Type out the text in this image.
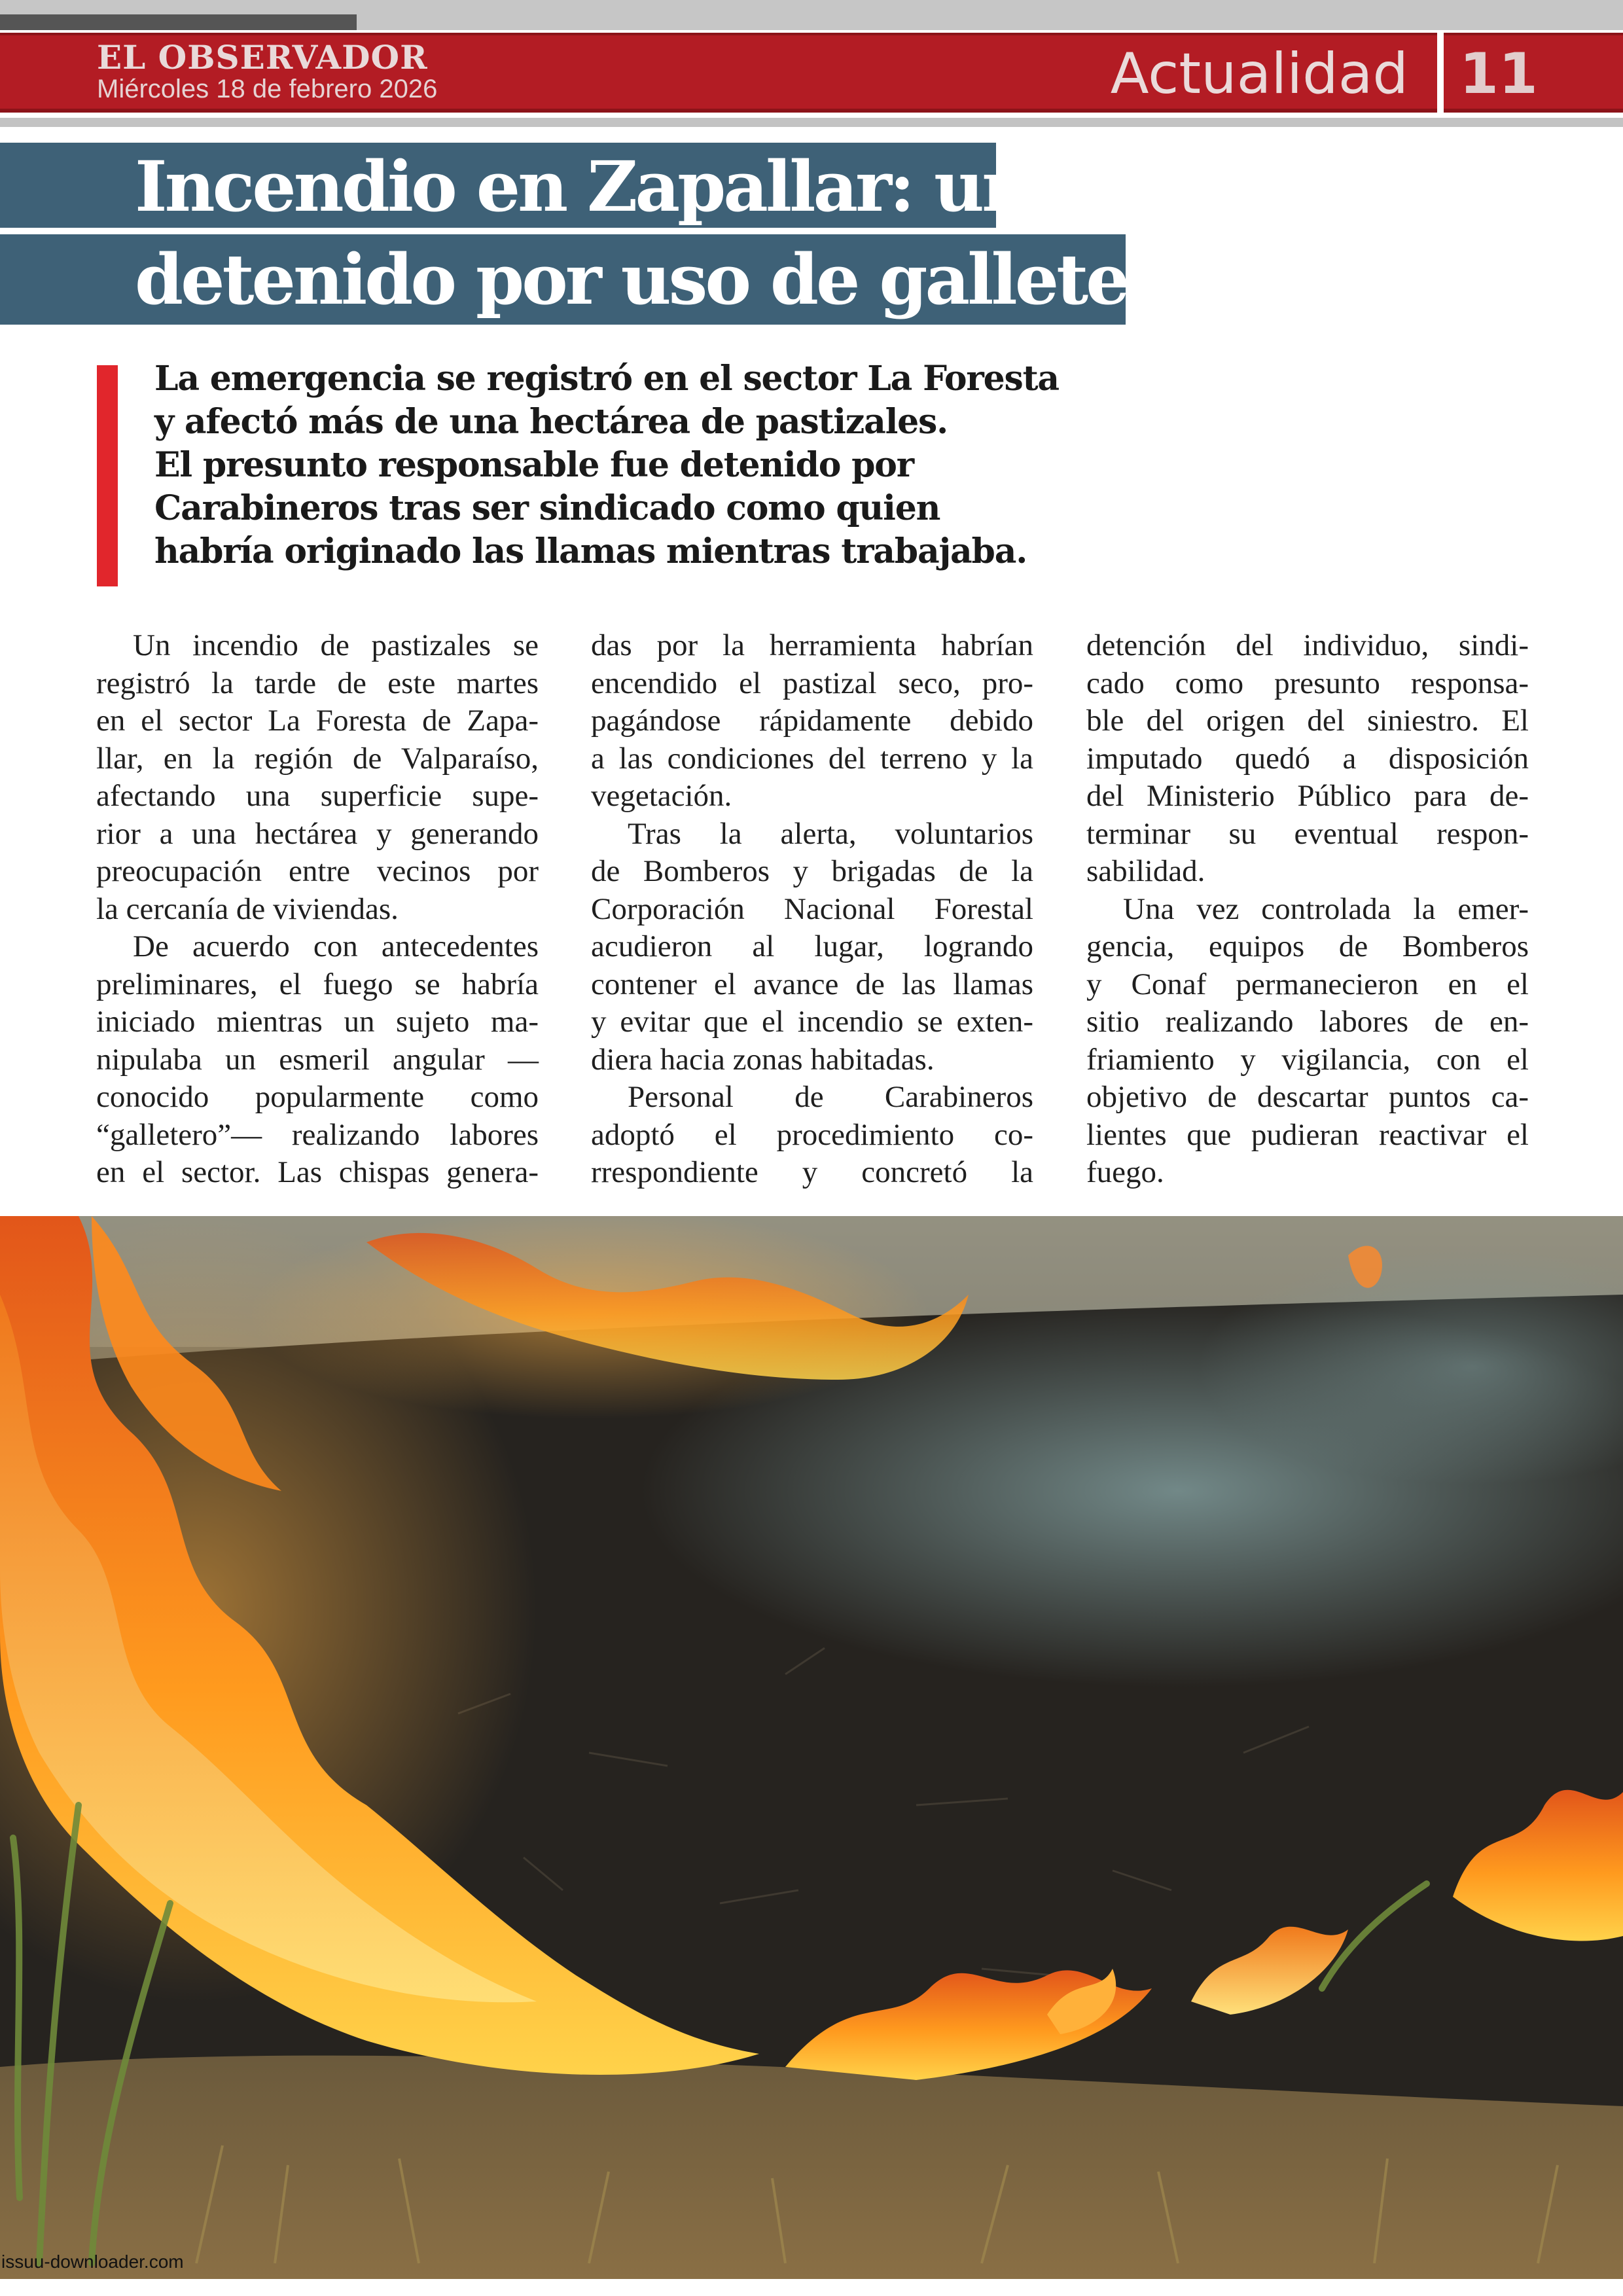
EL OBSERVADOR

Miércoles 18 de febrero 2026	Actualidad 11

Incendio en Zapallar: un
detenido por uso de galletero

La emergencia se registró en el sector La Foresta
y afectó más de una hectárea de pastizales.
El presunto responsable fue detenido por
Carabineros tras ser sindicado como quien
habría originado las llamas mientras trabajaba.

Un incendio de pastizales se
registró la tarde de este martes
en el sector La Foresta de Zapa-
llar, en la región de Valparaíso,
afectando una superficie supe-
rior a una hectárea y generando
preocupación entre vecinos por
la cercanía de viviendas.
De acuerdo con antecedentes
preliminares, el fuego se habría
iniciado mientras un sujeto ma-
nipulaba un esmeril angular —
conocido popularmente como
“galletero”— realizando labores
en el sector. Las chispas genera-
das por la herramienta habrían
encendido el pastizal seco, pro-
pagándose rápidamente debido
a las condiciones del terreno y la
vegetación.
Tras la alerta, voluntarios
de Bomberos y brigadas de la
Corporación Nacional Forestal
acudieron al lugar, logrando
contener el avance de las llamas
y evitar que el incendio se exten-
diera hacia zonas habitadas.
Personal de Carabineros
adoptó el procedimiento co-
rrespondiente y concretó la
detención del individuo, sindi-
cado como presunto responsa-
ble del origen del siniestro. El
imputado quedó a disposición
del Ministerio Público para de-
terminar su eventual respon-
sabilidad.
Una vez controlada la emer-
gencia, equipos de Bomberos
y Conaf permanecieron en el
sitio realizando labores de en-
friamiento y vigilancia, con el
objetivo de descartar puntos ca-
lientes que pudieran reactivar el
fuego.

issuu-downloader.com
